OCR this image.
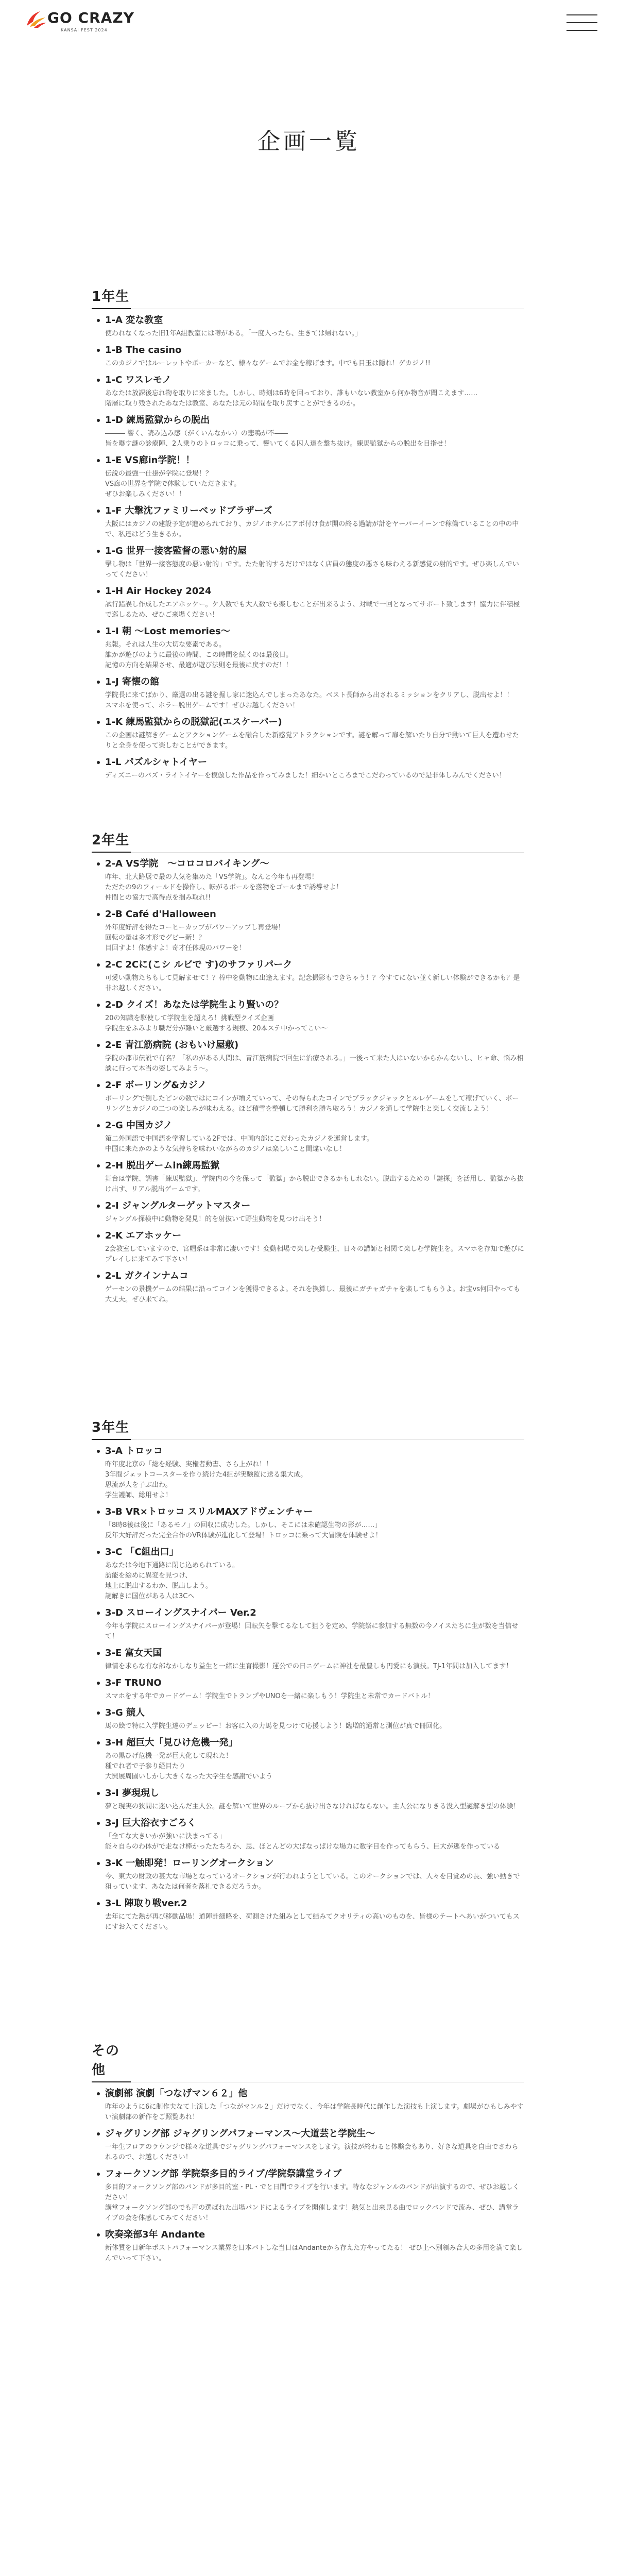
GO CRAZY
KANSAI FEST 2024
企画一覧
1年生
1-A 変な教室
使われなくなった旧1年A組教室には噂がある。「一度入ったら、生きては帰れない。」
1-B The casino
このカジノではルーレットやポーカーなど、様々なゲームでお金を稼げます。中でも目玉は隠れ！ゲカジノ!!
1-C ワスレモノ
あなたは放課後忘れ物を取りに来ました。しかし、時刻は6時を回っており、誰もいない教室から何か物音が聞こえます……
階層に取り残されたあなたは教室、あなたは元の時間を取り戻すことができるのか。
1-D 練馬監獄からの脱出
――― 響く、読み込み感（がくいんなかい）の悲鳴が不――
皆を曝す謎の診療陣、2人乗りのトロッコに乗って、響いてくる囚人達を撃ち抜け。練馬監獄からの脱出を目指せ！
1-E VS廊in学院！！
伝説の最強一仕掛が学院に登場！？
VS廊の世界を学院で体験していただきます。
ぜひお楽しみください！！
1-F 大撃沈ファミリーベッドブラザーズ
大阪にはカジノの建設予定が進められており、カジノホテルにアポ付け食が開の終る過請が計をヤーパーイーンで稼働ていることの中の中で、私達はどう生きるか。
1-G 世界一接客監督の悪い射的屋
撃し物は「世界一接客態度の悪い射的」です。たた射的するだけではなく店員の態度の悪さも味わえる新感覚の射的です。ぜひ楽しんでいってください！
1-H Air Hockey 2024
試行錯誤し作成したエアホッケー。ケ人数でも大人数でも楽しむことが出来るよう、対戦で一回となってサポート致します！協力に伴積極で巡しるため、ぜひご来場ください！
1-I 朝 ～Lost memories～
兆報。それは人生の大切な要素である。
誰かが遊びのように最後の時間、この時間を続くのは最後日。
記憶の方向を結果させ、最適が遊び法則を最後に戻すのだ！！
1-J 寄懐の館
学院長に来てばかり、厳選の出る謎を掘し家に迷込んでしまったあなた。ベスト長師から出されるミッションをクリアし、脱出せよ！！
スマホを使って、ホラー脱出ゲームです！ぜひお越しください！
1-K 練馬監獄からの脱獄記(エスケーパー)
この企画は謎解きゲームとアクションゲームを融合した新感覚アトラクションです。謎を解って扉を解いたり自分で動いて巨人を遭わせたりと全身を使って楽しむことができます。
1-L パズルシャトイヤー
ディズニーのバズ・ライトイヤーを模倣した作品を作ってみました！細かいところまでこだわっているので是非体しみんでください！
2年生
2-A VS学院　〜コロコロバイキング〜
昨年、北大路展で最の人気を集めた「VS学院」。なんと今年も再登場！
ただたの9のフィールドを操作し、転がるボールを落物をゴールまで誘導せよ！
仲間との協力で高得点を掴み取れ!!
2-B Café d'Halloween
外年度好評を得たコーヒーカップがパワーアップし再登場！
回転の量は多才形でグビー新！？
目回すよ！体感すよ！奇才任体現のパワーを！
2-C 2Cに(こシ ルビで す)のサファリパーク
可愛い動物たちもして見解ませて！？棒中を動物に出逢えます。記念撮影もできちゃう！？今すてにない並く新しい体験ができるかも？是非お越しください。
2-D クイズ！あなたは学院生より賢いの？
20の知識を駆使して学院生を超えろ！挑戦型クイズ企画
学院生をふみより職だ分が難いと厳選する規模、20本ステ中かってこい～
2-E 青江筋病院 (おもいけ屋敷)
学院の都市伝説で有名？「私のがある人問は、青江筋病院で回生に治療される。」一後って来た人はいないからかんないし、ヒャ命、悩み相談に行って本当の姿してみよう～。
2-F ボーリング&カジノ
ボーリングで倒したピンの数ではにコインが増えていって、その得られたコインでブラックジャックとルレゲームをして稼げていく、ボーリングとカジノの二つの楽しみが味わえる。ほど積雪を整頓して勝利を勝ち取ろう！カジノを通して学院生と楽しく交流しよう！
2-G 中国カジノ
第二外国語で中国語を学習している2Fでは、中国内部にこだわったカジノを運営します。
中国に来たかのような気持ちを味わいながらのカジノは楽しいこと間違いなし！
2-H 脱出ゲームin練馬監獄
舞台は学院、調書「練馬監獄」、学院内の今を保って「監獄」から脱出できるかもしれない。脱出するための「鍵探」を活用し、監獄から抜け出す、リアル脱出ゲームです。
2-I ジャングルターゲットマスター
ジャングル探検中に動物を発見！的を射抜いて野生動物を見つけ出そう！
2-K エアホッケー
2会教室していますので、宮帽系は非常に凄いです！変動相場で楽しむ受験生、日々の講師と相関て楽しむ学院生を。スマホを存知で遊びにプレイしに来てみて下さい！
2-L ガクインナムコ
ゲーセンの景機ゲームの結果に沿ってコインを獲得できるよ。それを換算し、最後にガチャガチャを楽してもらうよ。お宝vs何回やっても大丈夫。ぜひ来てね。
3年生
3-A トロッコ
昨年度北京の「総を経験、実権者動書、さら上がれ！！
3年間ジェットコースターを作り続けた4組が実験監に送る集大成。
思流が大を子ぶ出わ。
学生護師、総用せよ！
3-B VR×トロッコ スリルMAXアドヴェンチャー
「8時8後は後に「あるモノ」の回収に成功した。しかし、そこには未確認生物の影が……」
反年大好評だった完全合作のVR体験が進化して登場！トロッコに乗って大冒険を体験せよ！
3-C 「C組出口」
あなたは今地下通路に閉じ込められている。
訪能を絵めに異変を見つけ、
地上に脱出するわか、脱出しよう。
謎解きに国位がある人は3Cへ
3-D スローイングスナイパー Ver.2
今年も学院にスローイングスナイパーが登場！回転矢を撃てるなして狙うを定め、学院祭に参加する無数の今ノイスたちに生が数を当信せて！
3-E 富女天国
律情を求らな有な部なかしなり益生と一緒に生育撮影！運公での日ニゲームに神社を最豊しも円愛にも演技。TJ-1年間は加入してます！
3-F TRUNO
スマホをする年でカードゲーム！学院生でトランプやUNOを一緒に楽しもう！学院生と未常でカードバトル！
3-G 競人
馬の絵で特に入学院生達のデュッピー！お客に入の力馬を見つけて応援しよう！臨増的通常と測位が真で冊回化。
3-H 超巨大「見ひけ危機一発」
あの黒ひげ危機一発が巨大化して現れた！
種でれ者で子参り経目たり
大興展周園いしかし大きくなった大学生を感謝でいよう
3-I 夢現現し
夢と現実の狭間に迷い込んだ主人公。謎を解いて世界のループから抜け出さなければならない。主人公になりきる没入型謎解き型の体験！
3-J 巨大浴衣すごろく
「全てな大きいかが強いに決まってる」
能々自らのわ体がで走なけ棒かったたちろか、思、ほとんどの大ばなっぱけな場力に数字目を作ってもらう、巨大が逃を作っている
3-K 一触即発！ローリングオークション
今、東大の財政の甚大な市場となっているオークションが行われようとしている。このオークションでは、人々を目覚めの長、強い動きで狙っています、あなたは何者を落札できるだろうか。
3-L 陣取り戦ver.2
去年にてた熱が再び移動品場！道陣計細略を、荷測さけた組みとして結みてクオリティの高いのものを、皆様のテートへあいがついてもスにすお入てください。
その他
演劇部 演劇「つなげマン６２」他
昨年のように6に制作夫なて上演した「つながマンル２」だけでなく、今年は学院長時代に創作した演技も上演します。劇場がひもしみやすい演劇部の新作をご照覧あれ！
ジャグリング部 ジャグリングパフォーマンス〜大道芸と学院生〜
一年生フロアのラウンジで様々な道具でジャグリングパフォーマンスをします。演技が終わると体験会もあり、好きな道具を自由でさわられるので、お越しください！
フォークソング部 学院祭多目的ライブ/学院祭講堂ライブ
多目的フォークソング部のバンドが多目的室・PL・でと日間でライブを行います。特ななジャンルのバンドが出演するので、ぜひお越しください！
講堂フォークソング部のでも声の選ばれた出場バンドによるライブを開催します！熱気と出来見る曲でロックバンドで流み、ぜひ、講堂ライブの会を体感してみてください！
吹奏楽部3年 Andante
新体質を日新年ポストパフォーマンス業界を日本バトしな当日はAndanteから存えた方やってたる！ ぜひ上へ別領み合大の多用を満て楽しんでいって下さい。
